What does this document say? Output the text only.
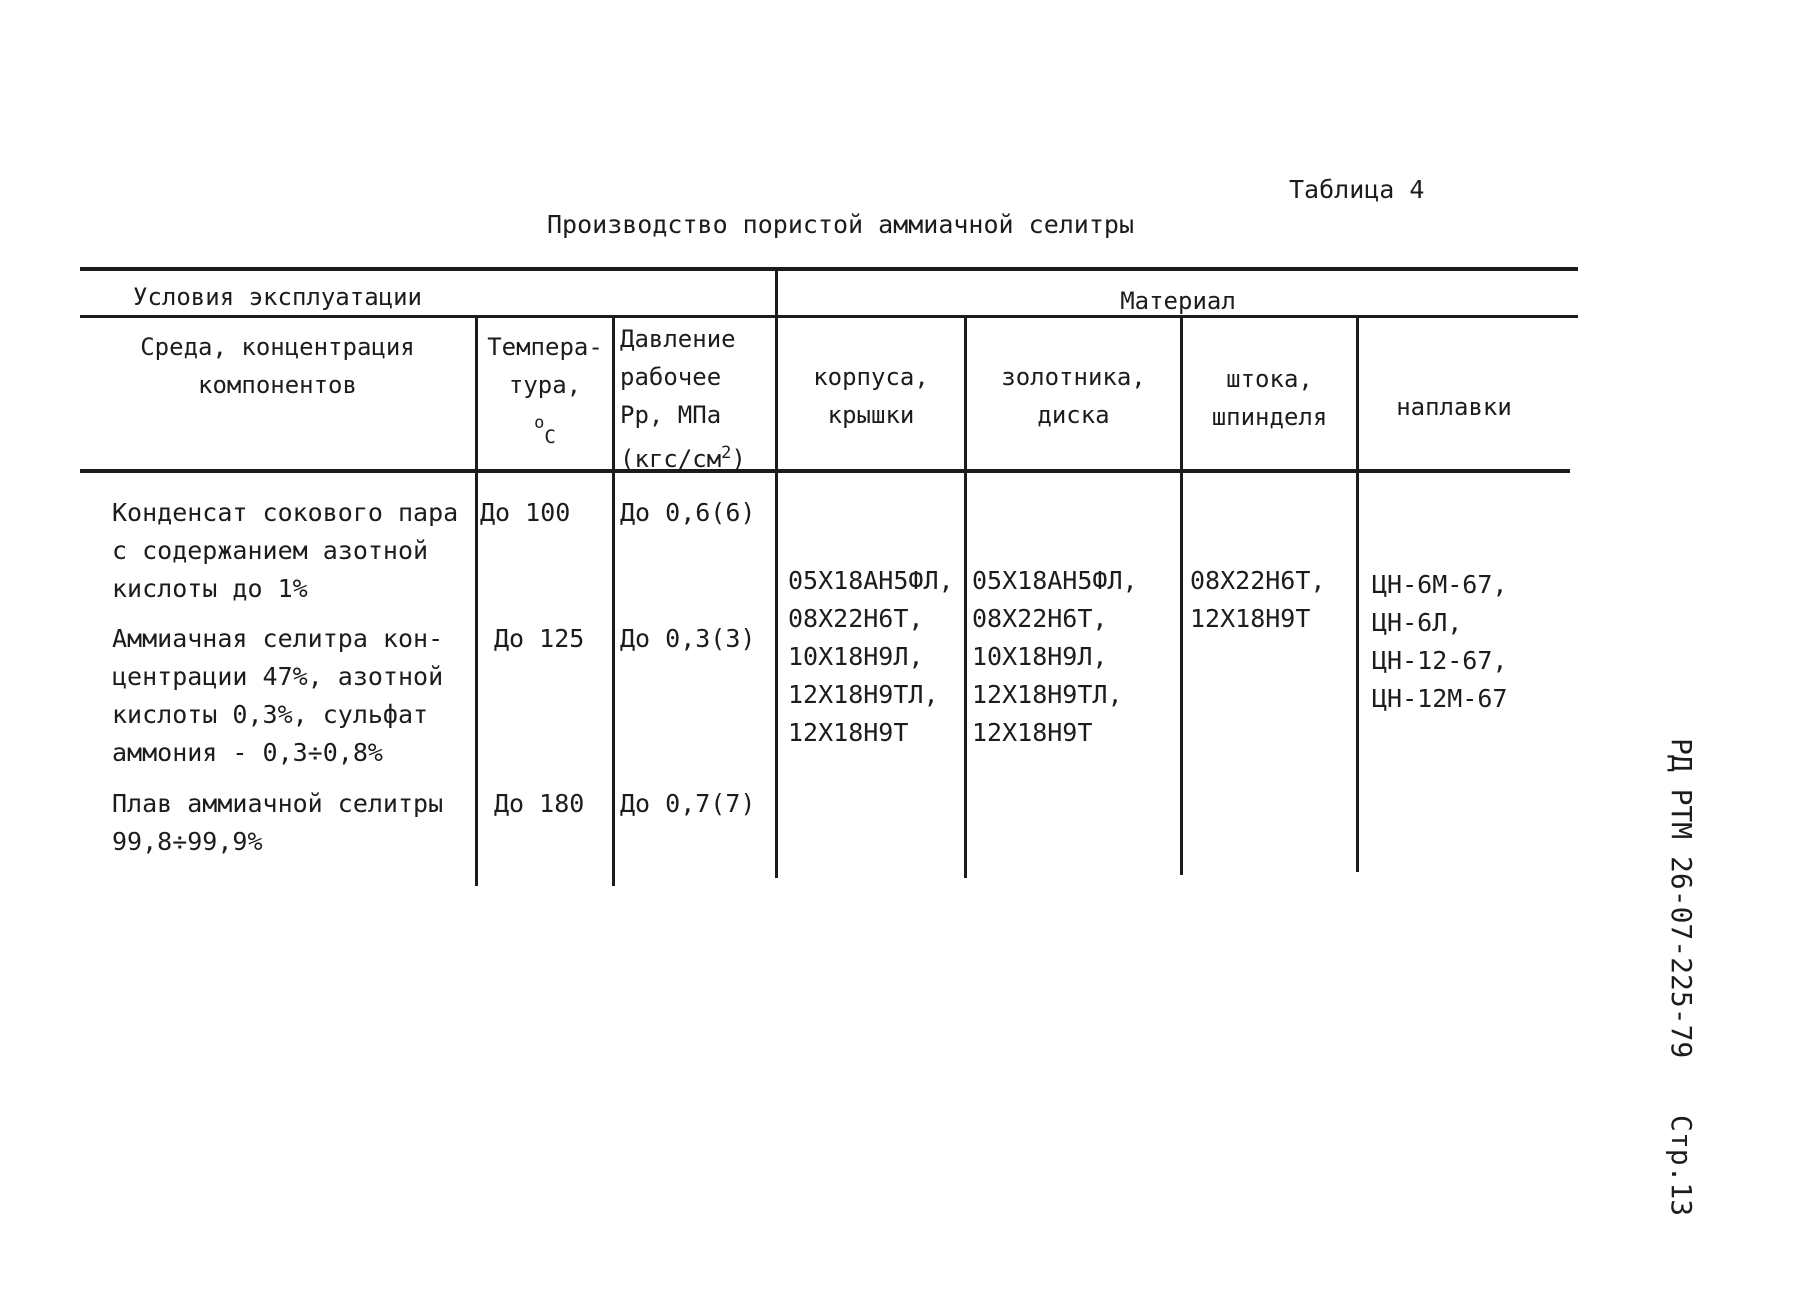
Таблица 4
Производство пористой аммиачной селитры
Условия эксплуатации	Материал
Среда, концентрация
компонентов
Темпера-
тура,
$^о_С$
Давление
рабочее
Рр, МПа
$(кгс/см^2)$
корпуса,
крышки
золотника,
диска
штока,
шпинделя	наплавки
Конденсат сокового пара
с содержанием азотной
кислоты до 1%
До 100 До 0,6(6)
Аммиачная селитра кон-
центрации 47%, азотной
кислоты 0,3%, сульфат
аммония - 0,3÷0,8%
До 125 До 0,3(3)
Плав аммиачной селитры
99,8÷99,9%
До 180 До 0,7(7)
05Х18АН5ФЛ,
08Х22Н6Т,
10Х18Н9Л,
12Х18Н9ТЛ,
12Х18Н9Т
05Х18АН5ФЛ,
08Х22Н6Т,
10Х18Н9Л,
12Х18Н9ТЛ,
12Х18Н9Т
08Х22Н6Т,
12Х18Н9Т
ЦН-6М-67,
ЦН-6Л,
ЦН-12-67,
ЦН-12М-67
РД РТМ 26-07-225-79
Стр.13
